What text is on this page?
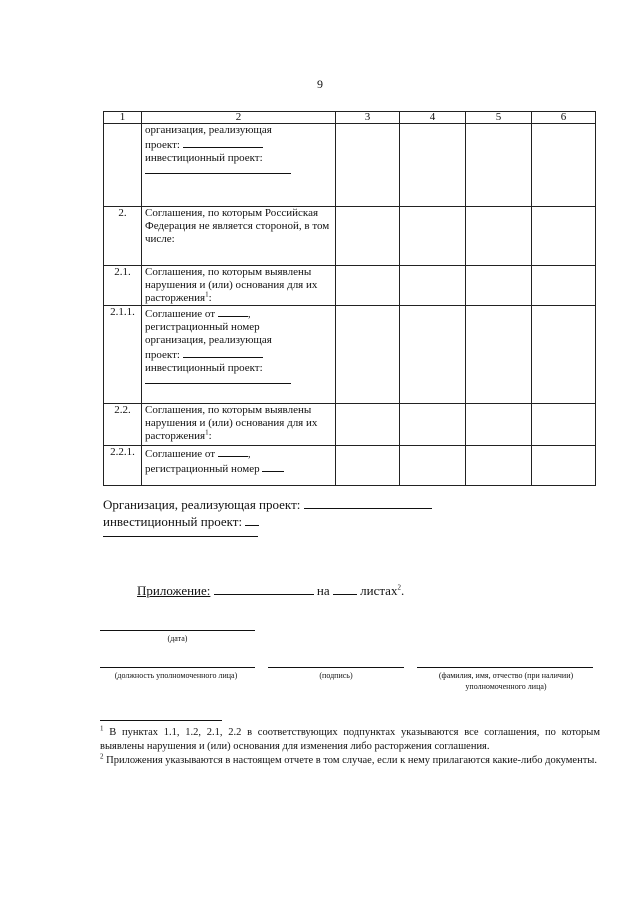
9
1	2	3	4	5	6

	организация, реализующая
проект:
инвестиционный проект:				

2.	Соглашения, по которым Российская Федерация не является стороной, в том числе:				
2.1.	Соглашения, по которым выявлены нарушения и (или) основания для их расторжения$^1$:				
2.1.1.	Соглашение от ,
регистрационный номер
организация, реализующая
проект:
инвестиционный проект:				

2.2.	Соглашения, по которым выявлены нарушения и (или) основания для их расторжения$^1$:				
2.2.1.	Соглашение от ,
регистрационный номер				

Организация, реализующая проект:
инвестиционный проект:
Приложение:	на листах$^2$.
(дата)
(должность уполномоченного лица)	(подпись)	(фамилия, имя, отчество (при наличии) уполномоченного лица)

$^1$ В пунктах 1.1, 1.2, 2.1, 2.2 в соответствующих подпунктах указываются все соглашения, по которым выявлены нарушения и (или) основания для изменения либо расторжения соглашения.

$^2$ Приложения указываются в настоящем отчете в том случае, если к нему прилагаются какие-либо документы.
